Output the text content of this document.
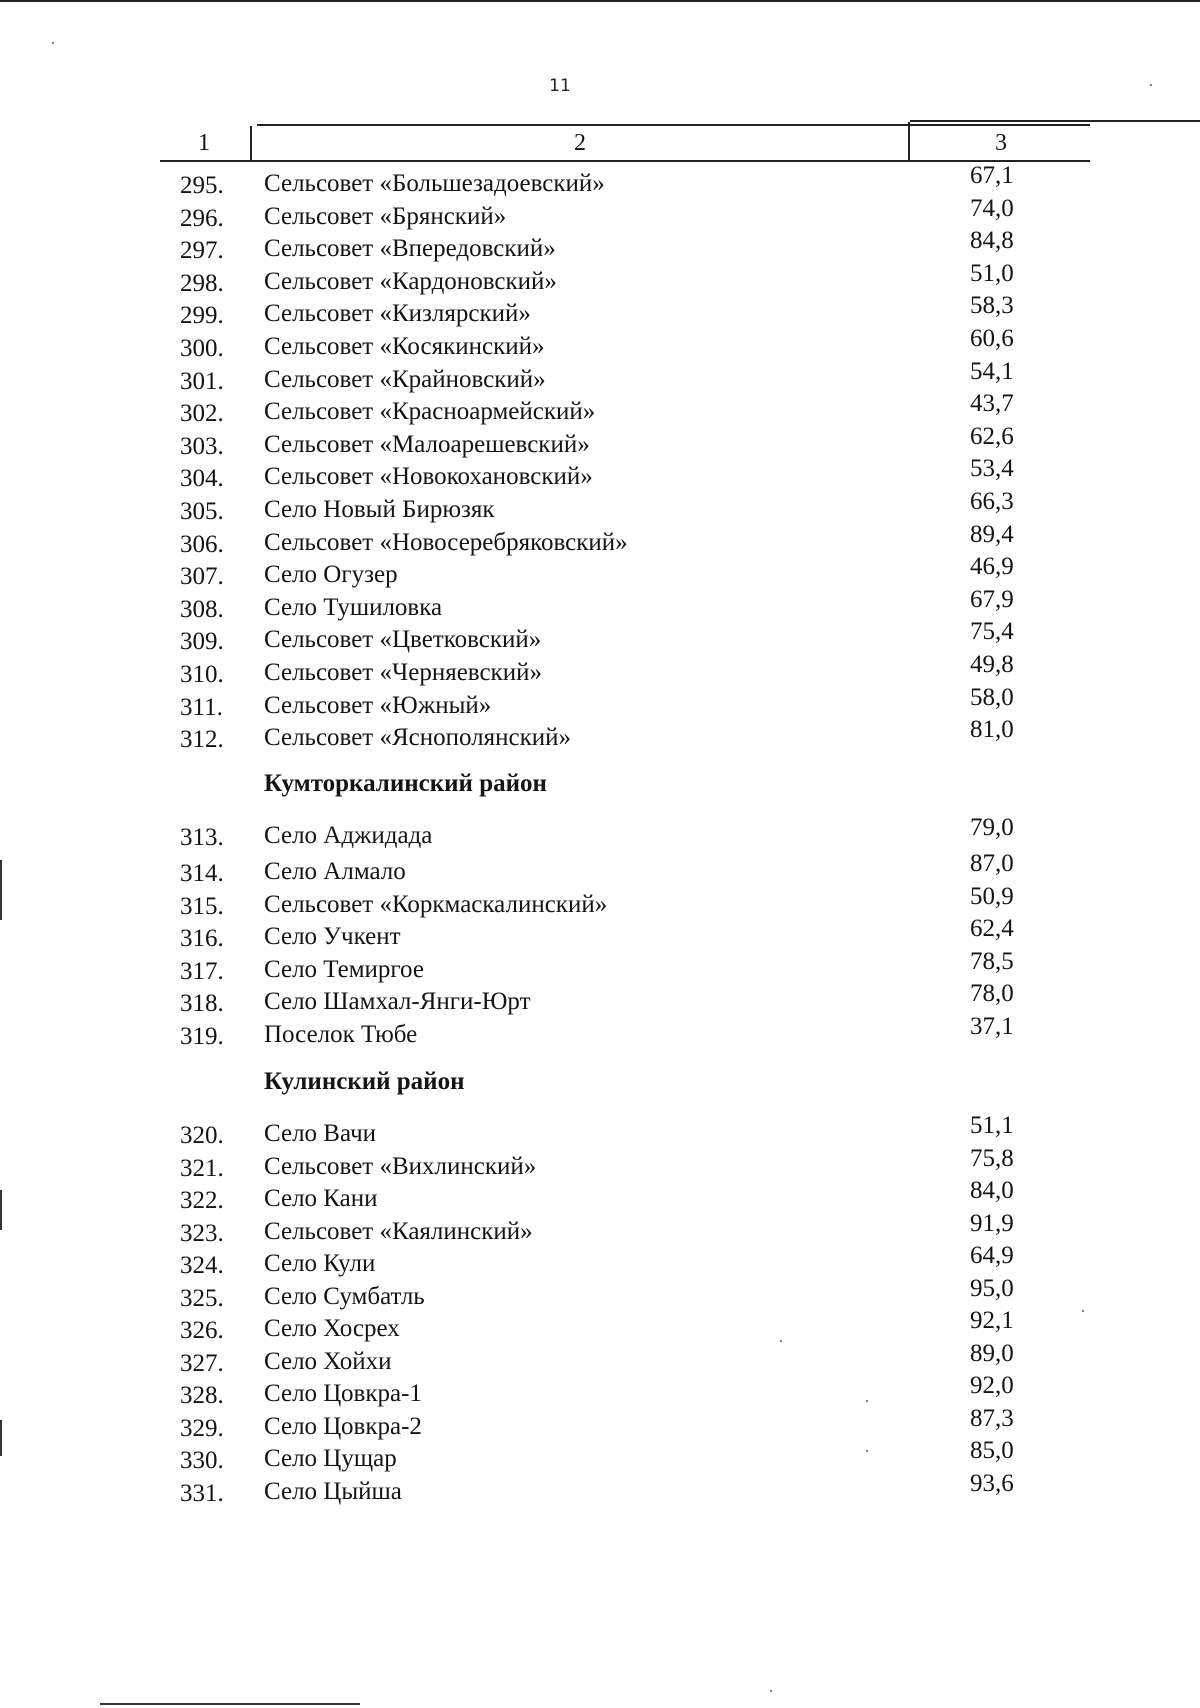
11
1	2	3
295. Сельсовет «Большезадоевский»	67,1
296. Сельсовет «Брянский»	74,0
297. Сельсовет «Впередовский»	84,8
298. Сельсовет «Кардоновский»	51,0
299. Сельсовет «Кизлярский»	58,3
300. Сельсовет «Косякинский»	60,6
301. Сельсовет «Крайновский»	54,1
302. Сельсовет «Красноармейский»	43,7
303. Сельсовет «Малоарешевский»	62,6
304. Сельсовет «Новокохановский»	53,4
305. Село Новый Бирюзяк	66,3
306. Сельсовет «Новосеребряковский»	89,4
307. Село Огузер	46,9
308. Село Тушиловка	67,9
309. Сельсовет «Цветковский»	75,4
310. Сельсовет «Черняевский»	49,8
311. Сельсовет «Южный»	58,0
312. Сельсовет «Яснополянский»	81,0
Кумторкалинский район
313. Село Аджидада	79,0
314. Село Алмало	87,0
315. Сельсовет «Коркмаскалинский»	50,9
316. Село Учкент	62,4
317. Село Темиргое	78,5
318. Село Шамхал-Янги-Юрт	78,0
319. Поселок Тюбе	37,1
Кулинский район
320. Село Вачи	51,1
321. Сельсовет «Вихлинский»	75,8
322. Село Кани	84,0
323. Сельсовет «Каялинский»	91,9
324. Село Кули	64,9
325. Село Сумбатль	95,0
326. Село Хосрех	92,1
327. Село Хойхи	89,0
328. Село Цовкра-1	92,0
329. Село Цовкра-2	87,3
330. Село Цущар	85,0
331. Село Цыйша	93,6
